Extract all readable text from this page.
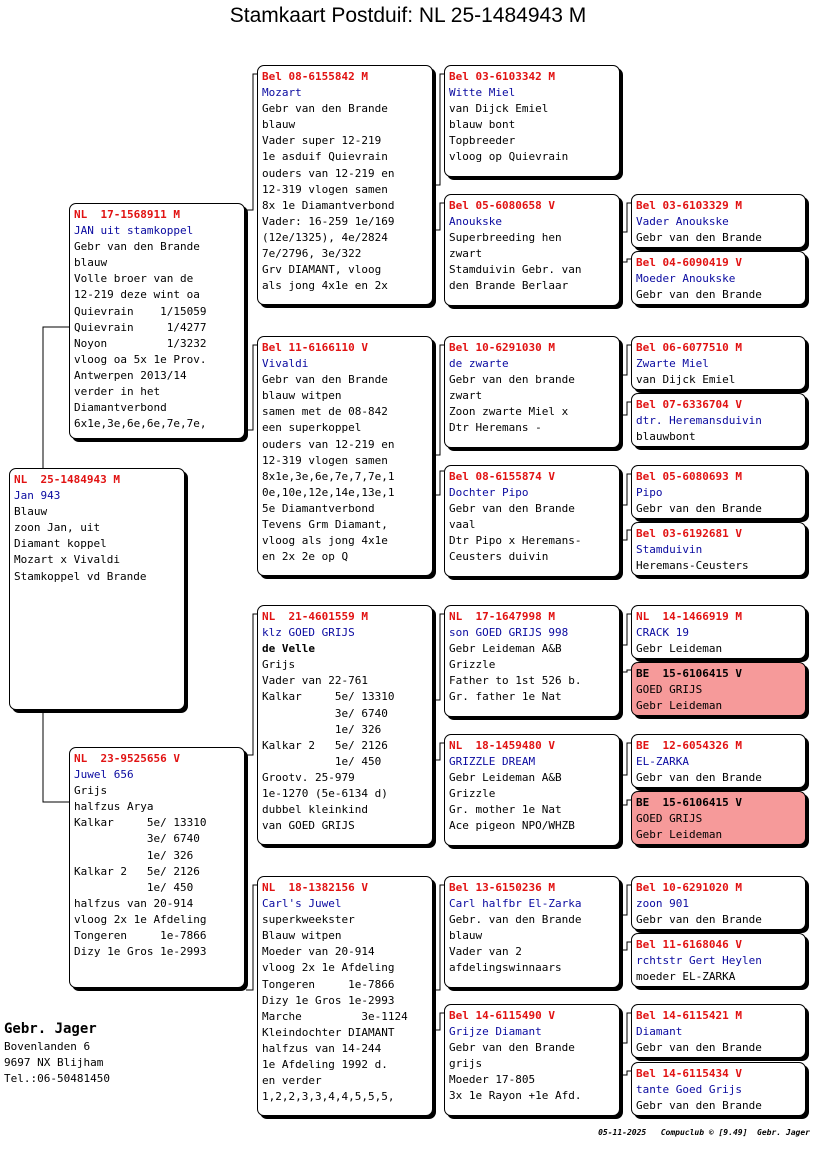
Stamkaart Postduif: NL 25-1484943 M
NL  25-1484943 M
Jan 943
Blauw
zoon Jan, uit
Diamant koppel
Mozart x Vivaldi
Stamkoppel vd Brande
NL  17-1568911 M
JAN uit stamkoppel
Gebr van den Brande
blauw
Volle broer van de
12-219 deze wint oa
Quievrain    1/15059
Quievrain     1/4277
Noyon         1/3232
vloog oa 5x 1e Prov.
Antwerpen 2013/14
verder in het
Diamantverbond
6x1e,3e,6e,6e,7e,7e,
NL  23-9525656 V
Juwel 656
Grijs
halfzus Arya
Kalkar     5e/ 13310
3e/ 6740
1e/ 326
Kalkar 2   5e/ 2126
1e/ 450
halfzus van 20-914
vloog 2x 1e Afdeling
Tongeren     1e-7866
Dizy 1e Gros 1e-2993
Bel 08-6155842 M
Mozart
Gebr van den Brande
blauw
Vader super 12-219
1e asduif Quievrain
ouders van 12-219 en
12-319 vlogen samen
8x 1e Diamantverbond
Vader: 16-259 1e/169
(12e/1325), 4e/2824
7e/2796, 3e/322
Grv DIAMANT, vloog
als jong 4x1e en 2x
Bel 11-6166110 V
Vivaldi
Gebr van den Brande
blauw witpen
samen met de 08-842
een superkoppel
ouders van 12-219 en
12-319 vlogen samen
8x1e,3e,6e,7e,7,7e,1
0e,10e,12e,14e,13e,1
5e Diamantverbond
Tevens Grm Diamant,
vloog als jong 4x1e
en 2x 2e op Q
NL  21-4601559 M
klz GOED GRIJS
de Velle
Grijs
Vader van 22-761
Kalkar     5e/ 13310
3e/ 6740
1e/ 326
Kalkar 2   5e/ 2126
1e/ 450
Grootv. 25-979
1e-1270 (5e-6134 d)
dubbel kleinkind
van GOED GRIJS
NL  18-1382156 V
Carl's Juwel
superkweekster
Blauw witpen
Moeder van 20-914
vloog 2x 1e Afdeling
Tongeren     1e-7866
Dizy 1e Gros 1e-2993
Marche         3e-1124
Kleindochter DIAMANT
halfzus van 14-244
1e Afdeling 1992 d.
en verder
1,2,2,3,3,4,4,5,5,5,
Bel 03-6103342 M
Witte Miel
van Dijck Emiel
blauw bont
Topbreeder
vloog op Quievrain
Bel 05-6080658 V
Anoukske
Superbreeding hen
zwart
Stamduivin Gebr. van
den Brande Berlaar
Bel 10-6291030 M
de zwarte
Gebr van den brande
zwart
Zoon zwarte Miel x
Dtr Heremans -
Bel 08-6155874 V
Dochter Pipo
Gebr van den Brande
vaal
Dtr Pipo x Heremans-
Ceusters duivin
NL  17-1647998 M
son GOED GRIJS 998
Gebr Leideman A&B
Grizzle
Father to 1st 526 b.
Gr. father 1e Nat
NL  18-1459480 V
GRIZZLE DREAM
Gebr Leideman A&B
Grizzle
Gr. mother 1e Nat
Ace pigeon NPO/WHZB
Bel 13-6150236 M
Carl halfbr El-Zarka
Gebr. van den Brande
blauw
Vader van 2
afdelingswinnaars
Bel 14-6115490 V
Grijze Diamant
Gebr van den Brande
grijs
Moeder 17-805
3x 1e Rayon +1e Afd.
Bel 03-6103329 M
Vader Anoukske
Gebr van den Brande
Bel 04-6090419 V
Moeder Anoukske
Gebr van den Brande
Bel 06-6077510 M
Zwarte Miel
van Dijck Emiel
Bel 07-6336704 V
dtr. Heremansduivin
blauwbont
Bel 05-6080693 M
Pipo
Gebr van den Brande
Bel 03-6192681 V
Stamduivin
Heremans-Ceusters
NL  14-1466919 M
CRACK 19
Gebr Leideman
BE  15-6106415 V
GOED GRIJS
Gebr Leideman
BE  12-6054326 M
EL-ZARKA
Gebr van den Brande
BE  15-6106415 V
GOED GRIJS
Gebr Leideman
Bel 10-6291020 M
zoon 901
Gebr van den Brande
Bel 11-6168046 V
rchtstr Gert Heylen
moeder EL-ZARKA
Bel 14-6115421 M
Diamant
Gebr van den Brande
Bel 14-6115434 V
tante Goed Grijs
Gebr van den Brande
Gebr. Jager
Bovenlanden 6
9697 NX Blijham
Tel.:06-50481450
05-11-2025   Compuclub © [9.49]  Gebr. Jager
